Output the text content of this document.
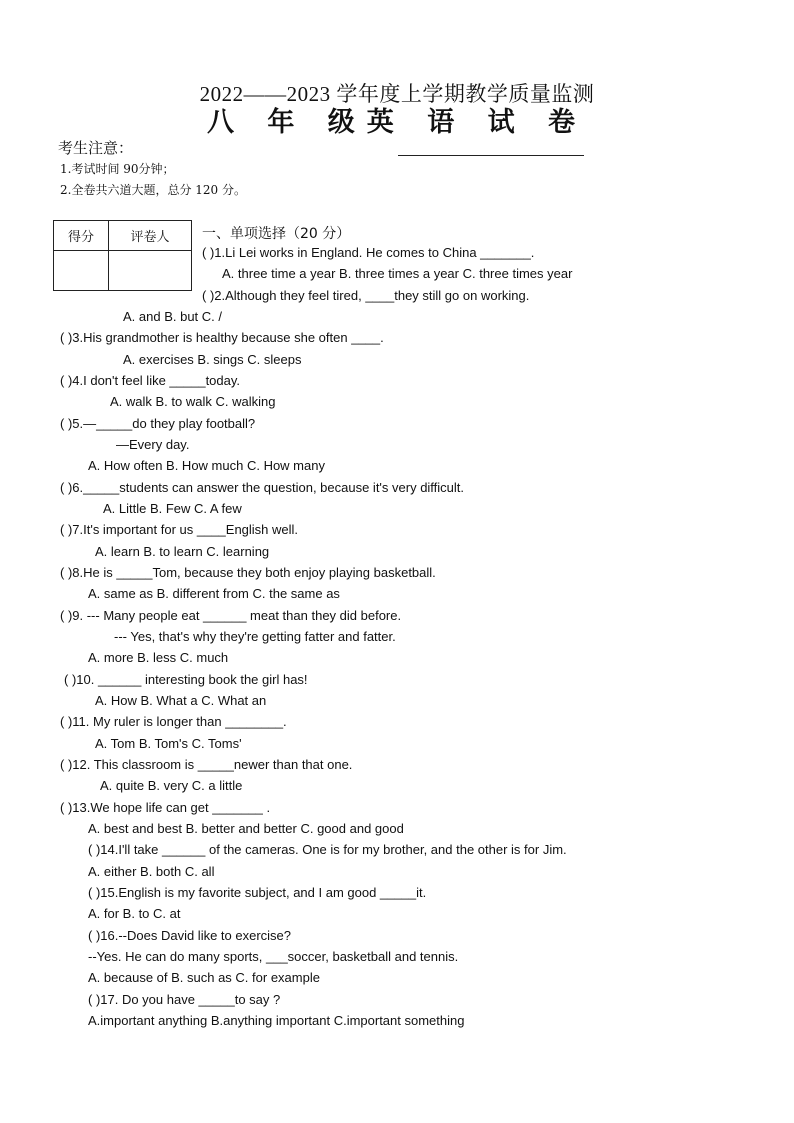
2022——2023 学年度上学期教学质量监测
八 年 级英 语 试 卷
考生注意：
1.考试时间 90分钟；
2.全卷共六道大题，总分 120 分。
得分	评卷人
	一、单项选择（20 分）
( )1.Li Lei works in England. He comes to China _______.
A. three time a year B. three times a year C. three times year
( )2.Although they feel tired, ____they still go on working.
A. and B. but C. /
( )3.His grandmother is healthy because she often ____.
A. exercises B. sings C. sleeps
( )4.I don't feel like _____today.
A. walk B. to walk C. walking
( )5.—_____do they play football?
—Every day.
A. How often B. How much C. How many
( )6._____students can answer the question, because it's very difficult.
A. Little B. Few C. A few
( )7.It's important for us ____English well.
A. learn B. to learn C. learning
( )8.He is _____Tom, because they both enjoy playing basketball.
A. same as B. different from C. the same as
( )9. --- Many people eat ______ meat than they did before.
--- Yes, that's why they're getting fatter and fatter.
A. more B. less C. much
( )10. ______ interesting book the girl has!
A. How B. What a C. What an
( )11. My ruler is longer than ________.
A. Tom B. Tom's C. Toms'
( )12. This classroom is _____newer than that one.
A. quite B. very C. a little
( )13.We hope life can get _______ .
A. best and best B. better and better C. good and good
( )14.I'll take ______ of the cameras. One is for my brother, and the other is for Jim.
A. either B. both C. all
( )15.English is my favorite subject, and I am good _____it.
A. for B. to C. at
( )16.--Does David like to exercise?
--Yes. He can do many sports, ___soccer, basketball and tennis.
A. because of B. such as C. for example
( )17. Do you have _____to say ?
A.important anything B.anything important C.important something
